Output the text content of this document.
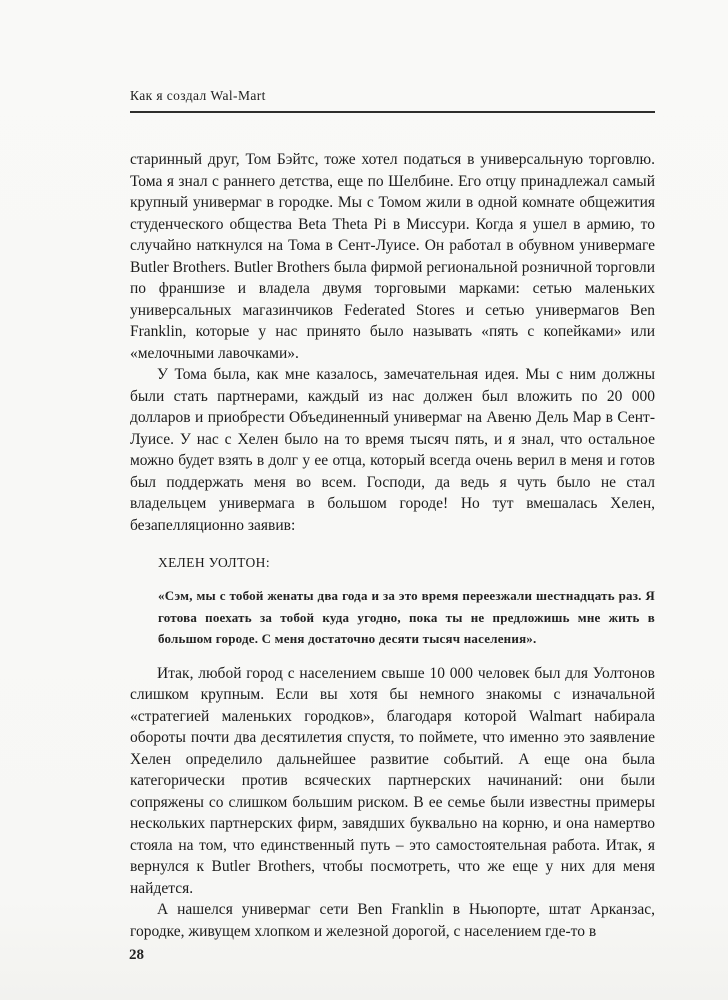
Как я создал Wal-Mart

старинный друг, Том Бэйтс, тоже хотел податься в универсальную торговлю. Тома я знал с раннего детства, еще по Шелбине. Его отцу принадлежал самый крупный универмаг в городке. Мы с Томом жили в одной комнате общежития студенческого общества Beta Theta Pi в Миссури. Когда я ушел в армию, то случайно наткнулся на Тома в Сент-Луисе. Он работал в обувном универмаге Butler Brothers. Butler Brothers была фирмой региональной розничной торговли по франшизе и владела двумя торговыми марками: сетью маленьких универсальных магазинчиков Federated Stores и сетью универмагов Ben Franklin, которые у нас принято было называть «пять с копейками» или «мелочными лавочками».

У Тома была, как мне казалось, замечательная идея. Мы с ним должны были стать партнерами, каждый из нас должен был вложить по 20 000 долларов и приобрести Объединенный универмаг на Авеню Дель Мар в Сент-Луисе. У нас с Хелен было на то время тысяч пять, и я знал, что остальное можно будет взять в долг у ее отца, который всегда очень верил в меня и готов был поддержать меня во всем. Господи, да ведь я чуть было не стал владельцем универмага в большом городе! Но тут вмешалась Хелен, безапелляционно заявив:

ХЕЛЕН УОЛТОН:

«Сэм, мы с тобой женаты два года и за это время переезжали шестнадцать раз. Я готова поехать за тобой куда угодно, пока ты не предложишь мне жить в большом городе. С меня достаточно десяти тысяч населения».

Итак, любой город с населением свыше 10 000 человек был для Уолтонов слишком крупным. Если вы хотя бы немного знакомы с изначальной «стратегией маленьких городков», благодаря которой Walmart набирала обороты почти два десятилетия спустя, то поймете, что именно это заявление Хелен определило дальнейшее развитие событий. А еще она была категорически против всяческих партнерских начинаний: они были сопряжены со слишком большим риском. В ее семье были известны примеры нескольких партнерских фирм, завядших буквально на корню, и она намертво стояла на том, что единственный путь – это самостоятельная работа. Итак, я вернулся к Butler Brothers, чтобы посмотреть, что же еще у них для меня найдется.

А нашелся универмаг сети Ben Franklin в Ньюпорте, штат Арканзас, городке, живущем хлопком и железной дорогой, с населением где-то в

28
